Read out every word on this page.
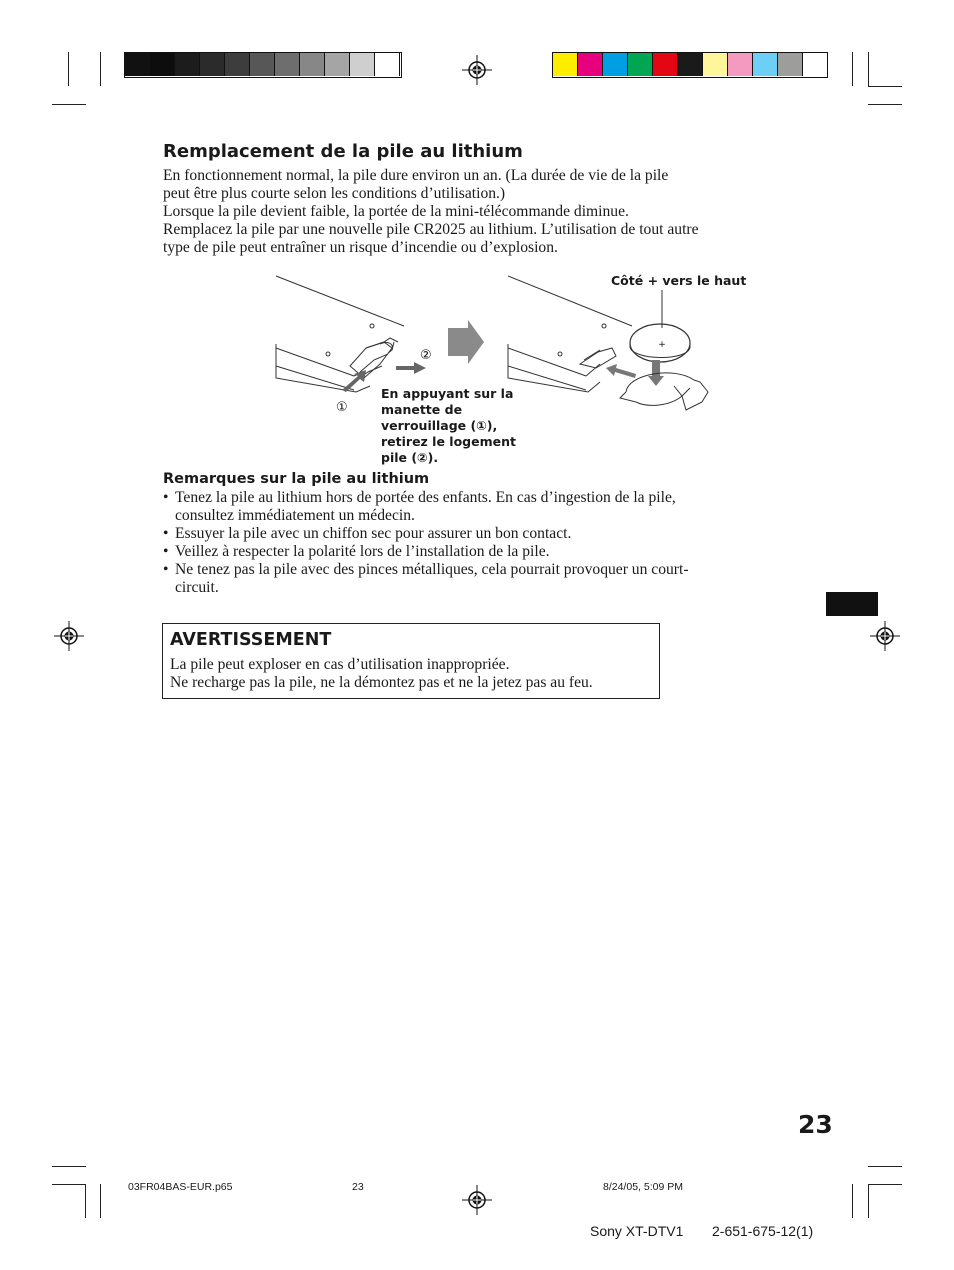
Remplacement de la pile au lithium

En fonctionnement normal, la pile dure environ un an. (La durée de vie de la pile

peut être plus courte selon les conditions d’utilisation.)

Lorsque la pile devient faible, la portée de la mini-télécommande diminue.

Remplacez la pile par une nouvelle pile CR2025 au lithium. L’utilisation de tout autre

type de pile peut entraîner un risque d’incendie ou d’explosion.

②
①
+
Côté + vers le haut
En appuyant sur la
manette de
verrouillage (①),
retirez le logement
pile (②).
Remarques sur la pile au lithium
• Tenez la pile au lithium hors de portée des enfants. En cas d’ingestion de la pile,
consultez immédiatement un médecin.
• Essuyer la pile avec un chiffon sec pour assurer un bon contact.
• Veillez à respecter la polarité lors de l’installation de la pile.
• Ne tenez pas la pile avec des pinces métalliques, cela pourrait provoquer un court-
circuit.
AVERTISSEMENT

La pile peut exploser en cas d’utilisation inappropriée.

Ne recharge pas la pile, ne la démontez pas et ne la jetez pas au feu.

23
03FR04BAS-EUR.p65	23	8/24/05, 5:09 PM
Sony XT-DTV1 2-651-675-12(1)
